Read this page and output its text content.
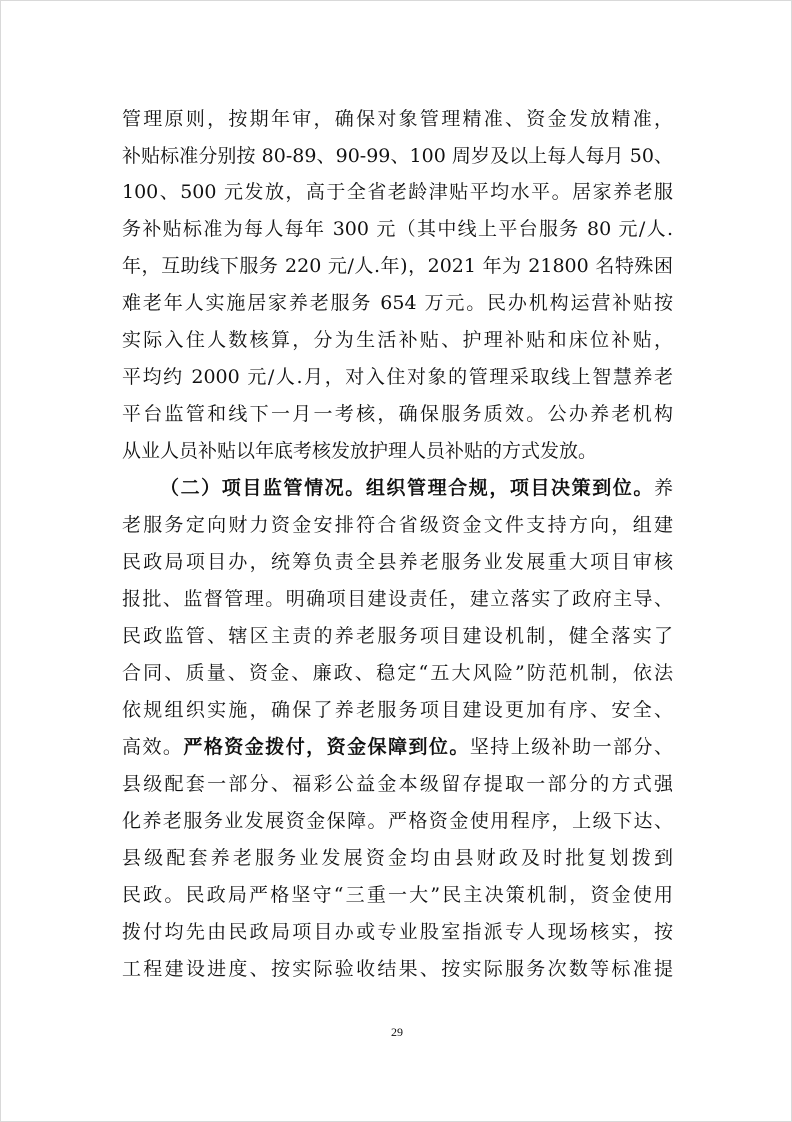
管理原则，按期年审，确保对象管理精准、资金发放精准，
补贴标准分别按 80-89、90-99、100 周岁及以上每人每月 50、
100、500 元发放，高于全省老龄津贴平均水平。居家养老服
务补贴标准为每人每年 300 元（其中线上平台服务 80 元/人.
年，互助线下服务 220 元/人.年)，2021 年为 21800 名特殊困
难老年人实施居家养老服务 654 万元。民办机构运营补贴按
实际入住人数核算，分为生活补贴、护理补贴和床位补贴，
平均约 2000 元/人.月，对入住对象的管理采取线上智慧养老
平台监管和线下一月一考核，确保服务质效。公办养老机构
从业人员补贴以年底考核发放护理人员补贴的方式发放。
（二）项目监管情况。组织管理合规，项目决策到位。养
老服务定向财力资金安排符合省级资金文件支持方向，组建
民政局项目办，统筹负责全县养老服务业发展重大项目审核
报批、监督管理。明确项目建设责任，建立落实了政府主导、
民政监管、辖区主责的养老服务项目建设机制，健全落实了
合同、质量、资金、廉政、稳定“五大风险”防范机制，依法
依规组织实施，确保了养老服务项目建设更加有序、安全、
高效。严格资金拨付，资金保障到位。坚持上级补助一部分、
县级配套一部分、福彩公益金本级留存提取一部分的方式强
化养老服务业发展资金保障。严格资金使用程序，上级下达、
县级配套养老服务业发展资金均由县财政及时批复划拨到
民政。民政局严格坚守“三重一大”民主决策机制，资金使用
拨付均先由民政局项目办或专业股室指派专人现场核实，按
工程建设进度、按实际验收结果、按实际服务次数等标准提
29
